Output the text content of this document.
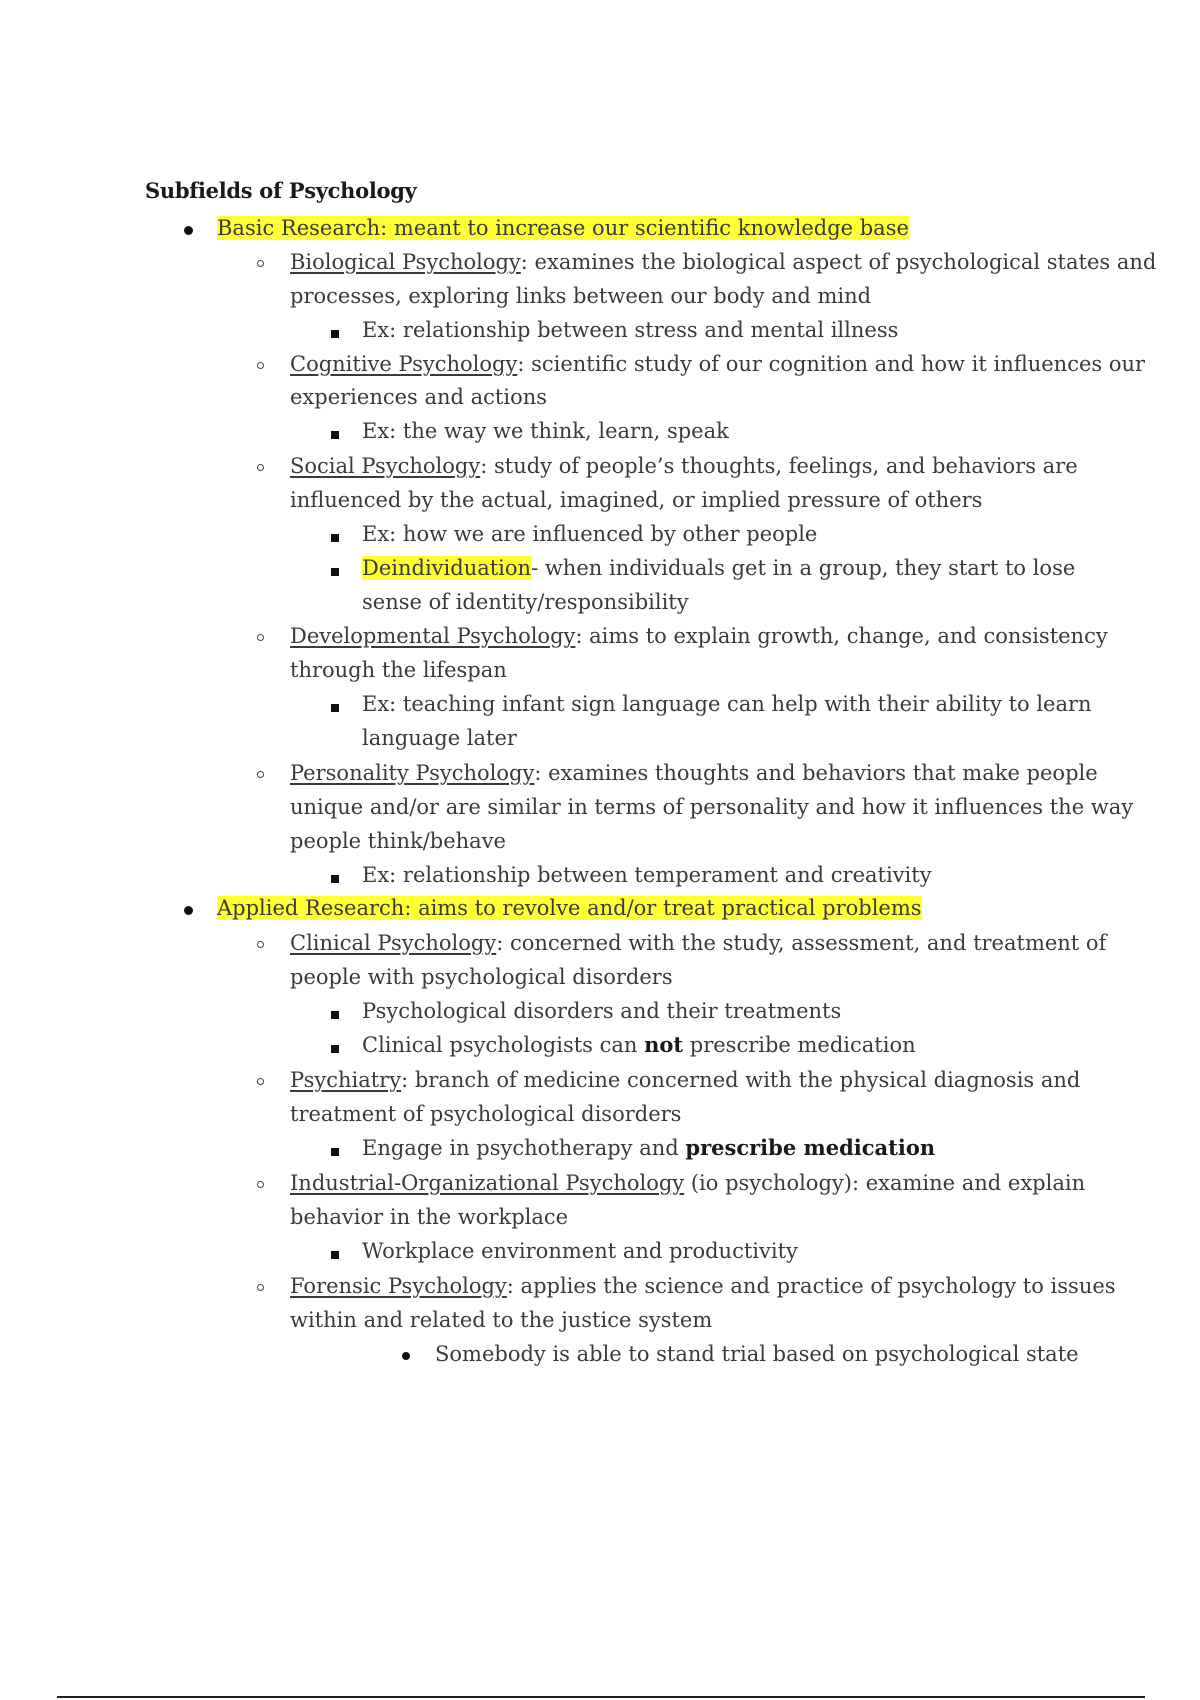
Subfields of Psychology
Basic Research: meant to increase our scientific knowledge base
Biological Psychology: examines the biological aspect of psychological states and
processes, exploring links between our body and mind
Ex: relationship between stress and mental illness
Cognitive Psychology: scientific study of our cognition and how it influences our
experiences and actions
Ex: the way we think, learn, speak
Social Psychology: study of people’s thoughts, feelings, and behaviors are
influenced by the actual, imagined, or implied pressure of others
Ex: how we are influenced by other people
Deindividuation- when individuals get in a group, they start to lose
sense of identity/responsibility
Developmental Psychology: aims to explain growth, change, and consistency
through the lifespan
Ex: teaching infant sign language can help with their ability to learn
language later
Personality Psychology: examines thoughts and behaviors that make people
unique and/or are similar in terms of personality and how it influences the way
people think/behave
Ex: relationship between temperament and creativity
Applied Research: aims to revolve and/or treat practical problems
Clinical Psychology: concerned with the study, assessment, and treatment of
people with psychological disorders
Psychological disorders and their treatments
Clinical psychologists can not prescribe medication
Psychiatry: branch of medicine concerned with the physical diagnosis and
treatment of psychological disorders
Engage in psychotherapy and prescribe medication
Industrial-Organizational Psychology (io psychology): examine and explain
behavior in the workplace
Workplace environment and productivity
Forensic Psychology: applies the science and practice of psychology to issues
within and related to the justice system
Somebody is able to stand trial based on psychological state
